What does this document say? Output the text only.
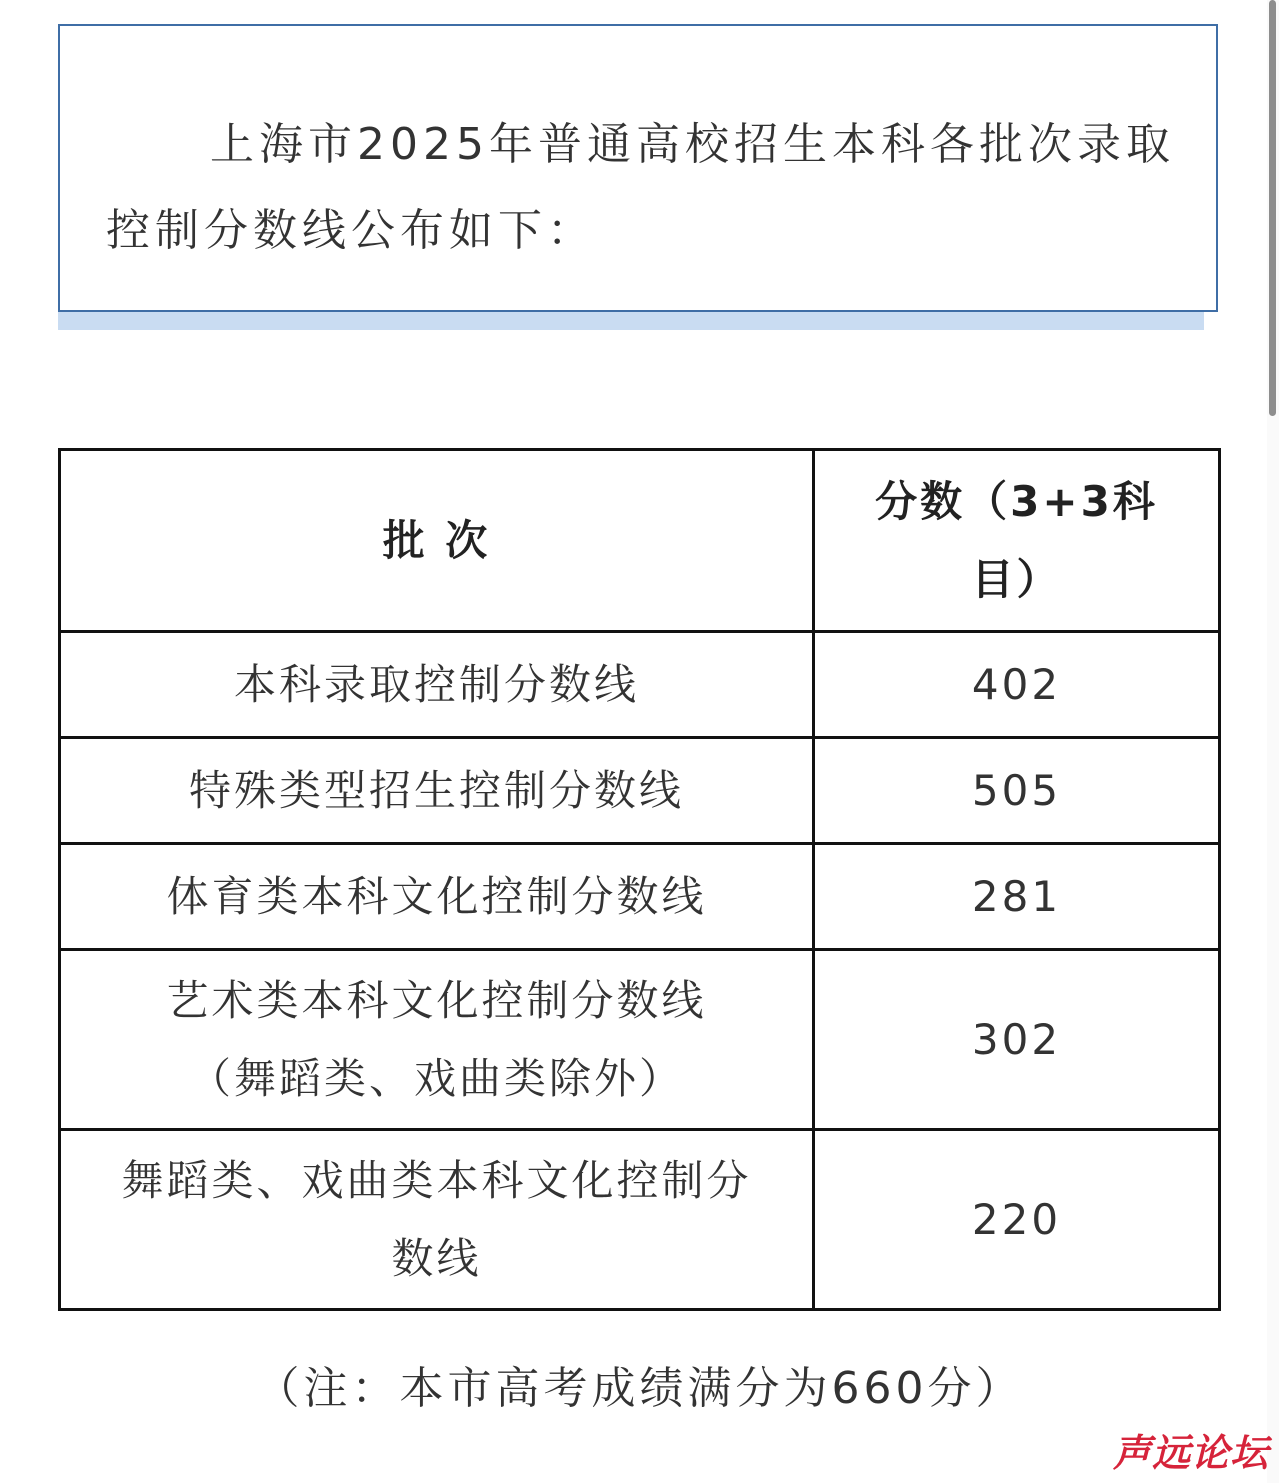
上海市2025年普通高校招生本科各批次录取控制分数线公布如下：

批 次	分数（3+3科目）
本科录取控制分数线	402
特殊类型招生控制分数线	505
体育类本科文化控制分数线	281
艺术类本科文化控制分数线（舞蹈类、戏曲类除外）	302
舞蹈类、戏曲类本科文化控制分数线	220

（注：本市高考成绩满分为660分）

声远论坛
